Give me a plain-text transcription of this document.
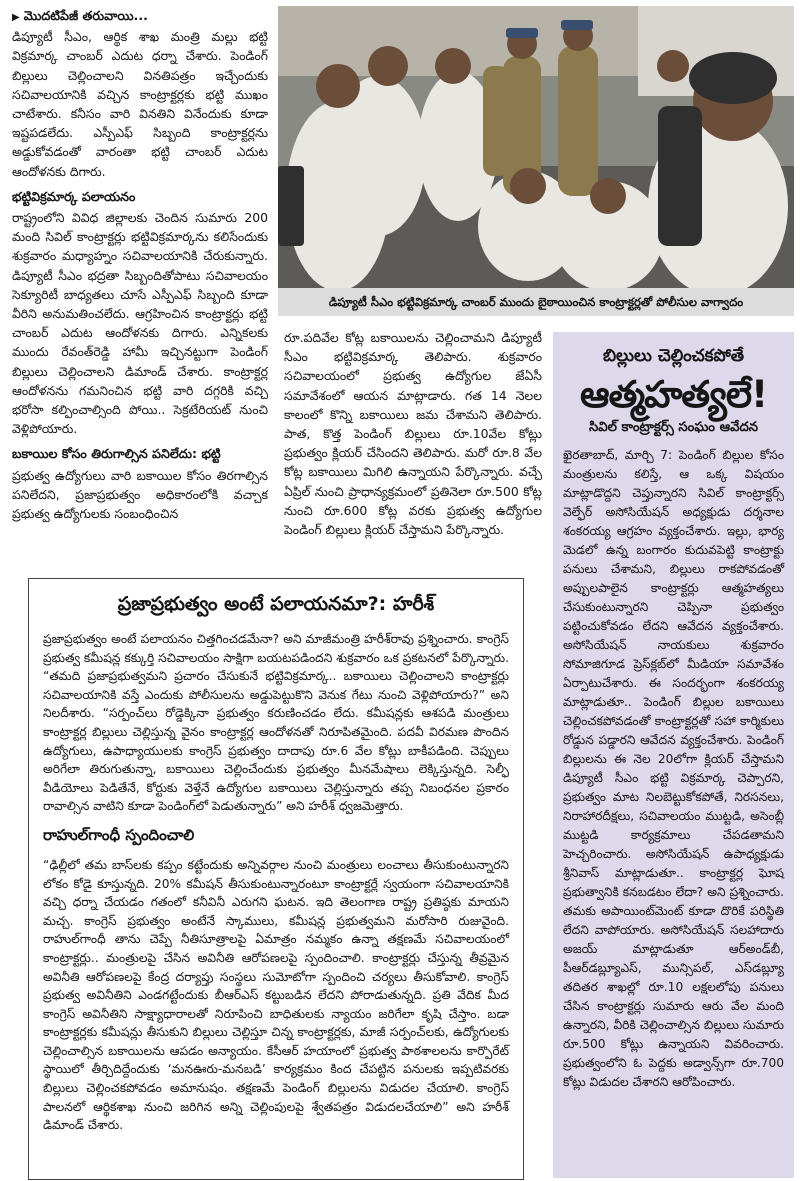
▶ మొదటిపేజీ తరువాయి...

డిప్యూటీ సీఎం, ఆర్థిక శాఖ మంత్రి మల్లు భట్టి విక్రమార్క చాంబర్ ఎదుట ధర్నా చేశారు. పెండింగ్ బిల్లులు చెల్లించాలని వినతిపత్రం ఇచ్చేందుకు సచివాలయానికి వచ్చిన కాంట్రాక్టర్లకు భట్టి ముఖం చాటేశారు. కనీసం వారి వినతిని వినేందుకు కూడా ఇష్టపడలేదు. ఎస్పీఎఫ్ సిబ్బంది కాంట్రాక్టర్లను అడ్డుకోవడంతో వారంతా భట్టి చాంబర్ ఎదుట ఆందోళనకు దిగారు.

భట్టివిక్రమార్క పలాయనం

రాష్ట్రంలోని వివిధ జిల్లాలకు చెందిన సుమారు 200 మంది సివిల్ కాంట్రాక్టర్లు భట్టివిక్రమార్కను కలిసేందుకు శుక్రవారం మధ్యాహ్నం సచివాలయానికి చేరుకున్నారు. డిప్యూటీ సీఎం భద్రతా సిబ్బందితోపాటు సచివాలయం సెక్యూరిటీ బాధ్యతలు చూసే ఎస్పీఎఫ్ సిబ్బంది కూడా వీరిని అనుమతించలేదు. ఆగ్రహించిన కాంట్రాక్టర్లు భట్టి చాంబర్ ఎదుట ఆందోళనకు దిగారు. ఎన్నికలకు ముందు రేవంత్‌రెడ్డి హామీ ఇచ్చినట్టుగా పెండింగ్ బిల్లులు చెల్లించాలని డిమాండ్ చేశారు. కాంట్రాక్టర్ల ఆందోళనను గమనించిన భట్టి వారి దగ్గరికి వచ్చి భరోసా కల్పించాల్సింది పోయి.. సెక్రటేరియట్ నుంచి వెళ్లిపోయారు.

బకాయిల కోసం తిరుగాల్సిన పనిలేదు: భట్టి

ప్రభుత్వ ఉద్యోగులు వారి బకాయిల కోసం తిరగాల్సిన పనిలేదని, ప్రజాప్రభుత్వం అధికారంలోకి వచ్చాక ప్రభుత్వ ఉద్యోగులకు సంబంధించిన

డిప్యూటీ సీఎం భట్టివిక్రమార్క చాంబర్ ముందు బైఠాయించిన కాంట్రాక్టర్లతో పోలీసుల వాగ్వాదం

రూ.పదివేల కోట్ల బకాయిలను చెల్లించామని డిప్యూటీ సీఎం భట్టివిక్రమార్క తెలిపారు. శుక్రవారం సచివాలయంలో ప్రభుత్వ ఉద్యోగుల జేఏసీ సమావేశంలో ఆయన మాట్లాడారు. గత 14 నెలల కాలంలో కొన్ని బకాయిలు జమ చేశామని తెలిపారు. పాత, కొత్త పెండింగ్ బిల్లులు రూ.10వేల కోట్లు ప్రభుత్వం క్లియర్ చేసిందని తెలిపారు. మరో రూ.8 వేల కోట్ల బకాయిలు మిగిలి ఉన్నాయని పేర్కొన్నారు. వచ్చే ఏప్రిల్ నుంచి ప్రాధాన్యక్రమంలో ప్రతినెలా రూ.500 కోట్ల నుంచి రూ.600 కోట్ల వరకు ప్రభుత్వ ఉద్యోగుల పెండింగ్ బిల్లులు క్లియర్ చేస్తామని పేర్కొన్నారు.

బిల్లులు చెల్లించకపోతే
ఆత్మహత్యలే!
సివిల్ కాంట్రాక్టర్స్ సంఘం ఆవేదన
ఖైరతాబాద్, మార్చి 7: పెండింగ్ బిల్లుల కోసం మంత్రులను కలిస్తే, ఆ ఒక్క విషయం మాట్లాడొద్దని చెప్తున్నారని సివిల్ కాంట్రాక్టర్స్ వెల్ఫేర్ అసోసియేషన్ అధ్యక్షుడు దర్శనాల శంకరయ్య ఆగ్రహం వ్యక్తంచేశారు. ఇల్లు, భార్య మెడలో ఉన్న బంగారం కుదువపెట్టి కాంట్రాక్టు పనులు చేశామని, బిల్లులు రాకపోవడంతో అప్పులపాలైన కాంట్రాక్టర్లు ఆత్మహత్యలు చేసుకుంటున్నారని చెప్పినా ప్రభుత్వం పట్టించుకోవడం లేదని ఆవేదన వ్యక్తంచేశారు. అసోసియేషన్ నాయకులు శుక్రవారం సోమాజిగూడ ప్రెస్‌క్లబ్‌లో మీడియా సమావేశం ఏర్పాటుచేశారు. ఈ సందర్భంగా శంకరయ్య మాట్లాడుతూ.. పెండింగ్ బిల్లుల బకాయిలు చెల్లించకపోవడంతో కాంట్రాక్టర్లతో సహా కార్మికులు రోడ్డున పడ్డారని ఆవేదన వ్యక్తంచేశారు. పెండింగ్ బిల్లులను ఈ నెల 20లోగా క్లియర్ చేస్తామని డిప్యూటీ సీఎం భట్టి విక్రమార్క చెప్పారని, ప్రభుత్వం మాట నిలబెట్టుకోకపోతే, నిరసనలు, నిరాహారదీక్షలు, సచివాలయం ముట్టడి, అసెంబ్లీ ముట్టడి కార్యక్రమాలు చేపడతామని హెచ్చరించారు. అసోసియేషన్ ఉపాధ్యక్షుడు శ్రీనివాస్ మాట్లాడుతూ.. కాంట్రాక్టర్ల ఘోష ప్రభుత్వానికి కనబడటం లేదా? అని ప్రశ్నించారు. తమకు అపాయింట్‌మెంట్ కూడా దొరికే పరిస్థితి లేదని వాపోయారు. అసోసియేషన్ సలహాదారు అజయ్ మాట్లాడుతూ ఆర్‌అండ్‌బీ, పీఆర్‌డబ్ల్యూఎస్, మున్సిపల్, ఎస్‌డబ్ల్యూ తదితర శాఖల్లో రూ.10 లక్షలలోపు పనులు చేసిన కాంట్రాక్టర్లు సుమారు ఆరు వేల మంది ఉన్నారని, వీరికి చెల్లించాల్సిన బిల్లులు సుమారు రూ.500 కోట్లు ఉన్నాయని వివరించారు. ప్రభుత్వంలోని ఓ పెద్దకు అడ్వాన్స్‌గా రూ.700 కోట్లు విడుదల చేశారని ఆరోపించారు.
ప్రజాప్రభుత్వం అంటే పలాయనమా?: హరీశ్
ప్రజాప్రభుత్వం అంటే పలాయనం చిత్తగించడమేనా? అని మాజీమంత్రి హరీశ్‌రావు ప్రశ్నించారు. కాంగ్రెస్ ప్రభుత్వ కమీషన్ల కక్కుర్తి సచివాలయం సాక్షిగా బయటపడిందని శుక్రవారం ఒక ప్రకటనలో పేర్కొన్నారు. “తమది ప్రజాప్రభుత్వమని ప్రచారం చేసుకునే భట్టివిక్రమార్క.. బకాయిలు చెల్లించాలని కాంట్రాక్టర్లు సచివాలయానికి వస్తే ఎందుకు పోలీసులను అడ్డుపెట్టుకొని వెనుక గేటు నుంచి వెళ్లిపోయారు?” అని నిలదీశారు. “సర్పంచ్‌లు రోడ్డెక్కినా ప్రభుత్వం కరుణించడం లేదు. కమీషన్లకు ఆశపడి మంత్రులు కాంట్రాక్టర్ల బిల్లులు చెల్లిస్తున్న వైనం కాంట్రాక్టర్ల ఆందోళనతో నిరూపితమైంది. పదవీ విరమణ పొందిన ఉద్యోగులు, ఉపాధ్యాయులకు కాంగ్రెస్ ప్రభుత్వం దాదాపు రూ.6 వేల కోట్లు బాకీపడింది. చెప్పులు అరిగేలా తిరుగుతున్నా, బకాయిలు చెల్లించేందుకు ప్రభుత్వం మీనమేషాలు లెక్కిస్తున్నది. సెల్ఫీ వీడియోలు పెడితేనే, కోర్టుకు వెళ్తేనే ఉద్యోగుల బకాయిలు చెల్లిస్తున్నారు తప్ప నిబంధనల ప్రకారం రావాల్సిన వాటిని కూడా పెండింగ్‌లో పెడుతున్నారు” అని హరీశ్ ధ్వజమెత్తారు.
రాహుల్‌గాంధీ స్పందించాలి
“ఢిల్లీలో తమ బాస్‌లకు కప్పం కట్టేందుకు అన్నివర్గాల నుంచి మంత్రులు లంచాలు తీసుకుంటున్నారని లోకం కోడై కూస్తున్నది. 20% కమీషన్ తీసుకుంటున్నారంటూ కాంట్రాక్టర్లే స్వయంగా సచివాలయానికి వచ్చి ధర్నా చేయడం గతంలో కనీవినీ ఎరుగని ఘటన. ఇది తెలంగాణ రాష్ట్ర ప్రతిష్ఠకు మాయని మచ్చ. కాంగ్రెస్ ప్రభుత్వం అంటేనే స్కాములు, కమీషన్ల ప్రభుత్వమని మరోసారి రుజువైంది. రాహుల్‌గాంధీ తాను చెప్పే నీతిసూత్రాలపై ఏమాత్రం నమ్మకం ఉన్నా తక్షణమే సచివాలయంలో కాంట్రాక్టర్లు.. మంత్రులపై చేసిన అవినీతి ఆరోపణలపై స్పందించాలి. కాంట్రాక్టర్లు చేస్తున్న తీవ్రమైన అవినీతి ఆరోపణలపై కేంద్ర దర్యాప్తు సంస్థలు సుమోటోగా స్పందించి చర్యలు తీసుకోవాలి. కాంగ్రెస్ ప్రభుత్వ అవినీతిని ఎండగట్టేందుకు బీఆర్‌ఎస్ కట్టుబడిన లేదని పోరాడుతున్నది. ప్రతి వేదిక మీద కాంగ్రెస్ అవినీతిని సాక్ష్యాధారాలతో నిరూపించి బాధితులకు న్యాయం జరిగేలా కృషి చేస్తాం. బడా కాంట్రాక్టర్లకు కమీషన్లు తీసుకుని బిల్లులు చెల్లిస్తూ చిన్న కాంట్రాక్టర్లకు, మాజీ సర్పంచ్‌లకు, ఉద్యోగులకు చెల్లించాల్సిన బకాయిలను ఆపడం అన్యాయం. కేసీఆర్ హయాంలో ప్రభుత్వ పాఠశాలలను కార్పొరేట్ స్థాయిలో తీర్చిదిద్దేందుకు ‘మనఊరు-మనబడి’ కార్యక్రమం కింద చేపట్టిన పనులకు ఇప్పటివరకు బిల్లులు చెల్లించకపోవడం అమానుషం. తక్షణమే పెండింగ్ బిల్లులను విడుదల చేయాలి. కాంగ్రెస్ పాలనలో ఆర్థికశాఖ నుంచి జరిగిన అన్ని చెల్లింపులపై శ్వేతపత్రం విడుదలచేయాలి” అని హరీశ్ డిమాండ్ చేశారు.
